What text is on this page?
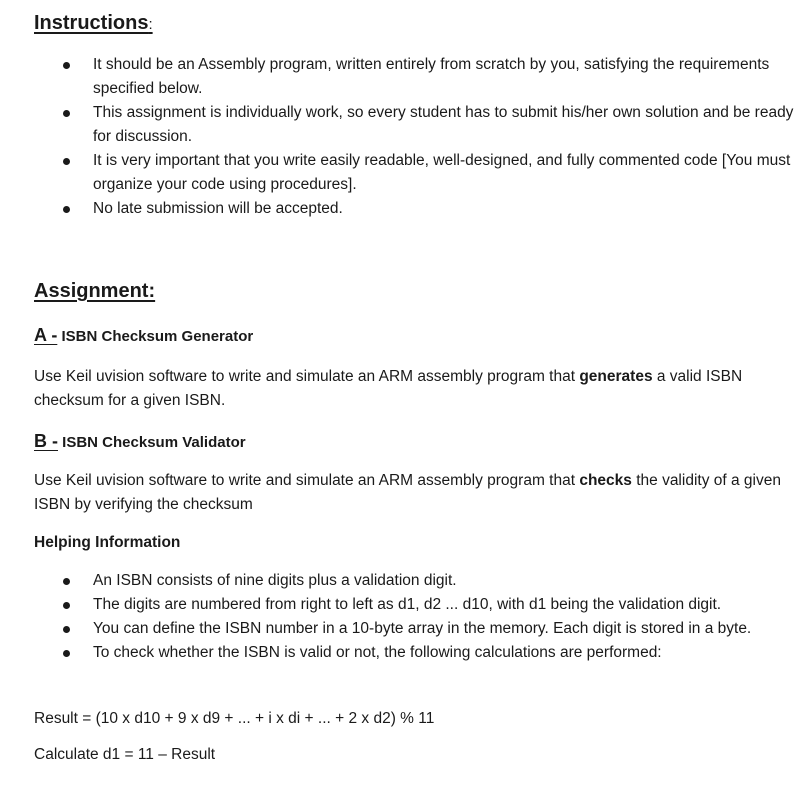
Instructions:
It should be an Assembly program, written entirely from scratch by you, satisfying the requirements specified below.
This assignment is individually work, so every student has to submit his/her own solution and be ready for discussion.
It is very important that you write easily readable, well-designed, and fully commented code [You must organize your code using procedures].
No late submission will be accepted.
Assignment:
A - ISBN Checksum Generator

Use Keil uvision software to write and simulate an ARM assembly program that generates a valid ISBN checksum for a given ISBN.

B - ISBN Checksum Validator

Use Keil uvision software to write and simulate an ARM assembly program that checks the validity of a given ISBN by verifying the checksum

Helping Information

An ISBN consists of nine digits plus a validation digit.
The digits are numbered from right to left as d1, d2 ... d10, with d1 being the validation digit.
You can define the ISBN number in a 10-byte array in the memory. Each digit is stored in a byte.
To check whether the ISBN is valid or not, the following calculations are performed:

Result = (10 x d10 + 9 x d9 + ... + i x di + ... + 2 x d2) % 11

Calculate d1 = 11 – Result
